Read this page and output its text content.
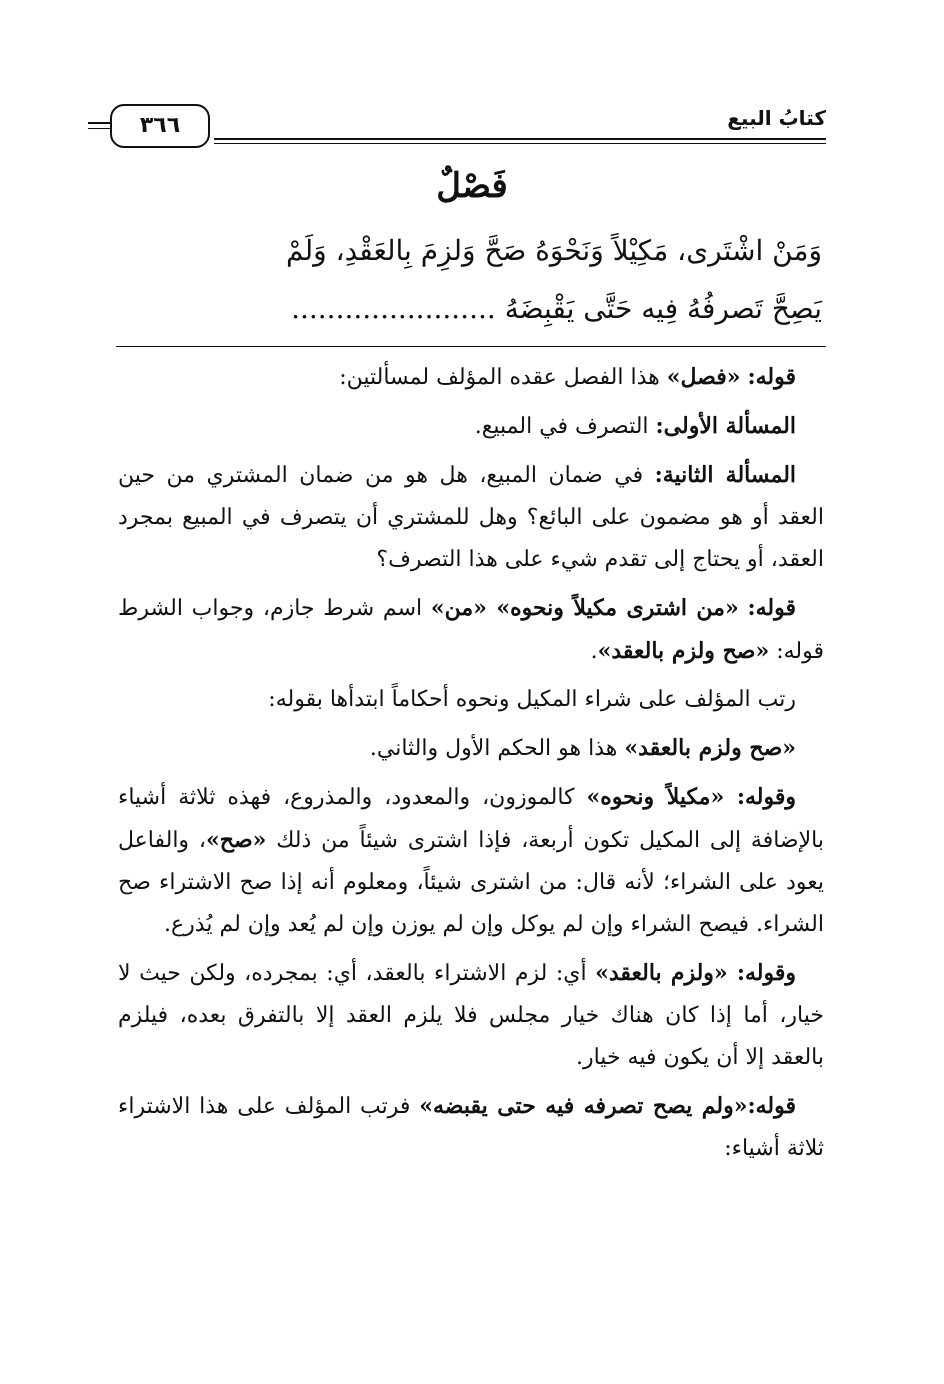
كتابُ البيع
٣٦٦
فَصْلٌ
وَمَنْ اشْتَرى، مَكِيْلاً وَنَحْوَهُ صَحَّ وَلزِمَ بِالعَقْدِ، وَلَمْ
يَصِحَّ تَصرفُهُ فِيه حَتَّى يَقْبِضَهُ .......................

قوله: «فصل» هذا الفصل عقده المؤلف لمسألتين:

المسألة الأولى: التصرف في المبيع.

المسألة الثانية: في ضمان المبيع، هل هو من ضمان المشتري من حين العقد أو هو مضمون على البائع؟ وهل للمشتري أن يتصرف في المبيع بمجرد العقد، أو يحتاج إلى تقدم شيء على هذا التصرف؟

قوله: «من اشترى مكيلاً ونحوه» «من» اسم شرط جازم، وجواب الشرط قوله: «صح ولزم بالعقد».

رتب المؤلف على شراء المكيل ونحوه أحكاماً ابتدأها بقوله:

«صح ولزم بالعقد» هذا هو الحكم الأول والثاني.

وقوله: «مكيلاً ونحوه» كالموزون، والمعدود، والمذروع، فهذه ثلاثة أشياء بالإضافة إلى المكيل تكون أربعة، فإذا اشترى شيئاً من ذلك «صح»، والفاعل يعود على الشراء؛ لأنه قال: من اشترى شيئاً، ومعلوم أنه إذا صح الاشتراء صح الشراء. فيصح الشراء وإن لم يوكل وإن لم يوزن وإن لم يُعد وإن لم يُذرع.

وقوله: «ولزم بالعقد» أي: لزم الاشتراء بالعقد، أي: بمجرده، ولكن حيث لا خيار، أما إذا كان هناك خيار مجلس فلا يلزم العقد إلا بالتفرق بعده، فيلزم بالعقد إلا أن يكون فيه خيار.

قوله:«ولم يصح تصرفه فيه حتى يقبضه» فرتب المؤلف على هذا الاشتراء ثلاثة أشياء:
